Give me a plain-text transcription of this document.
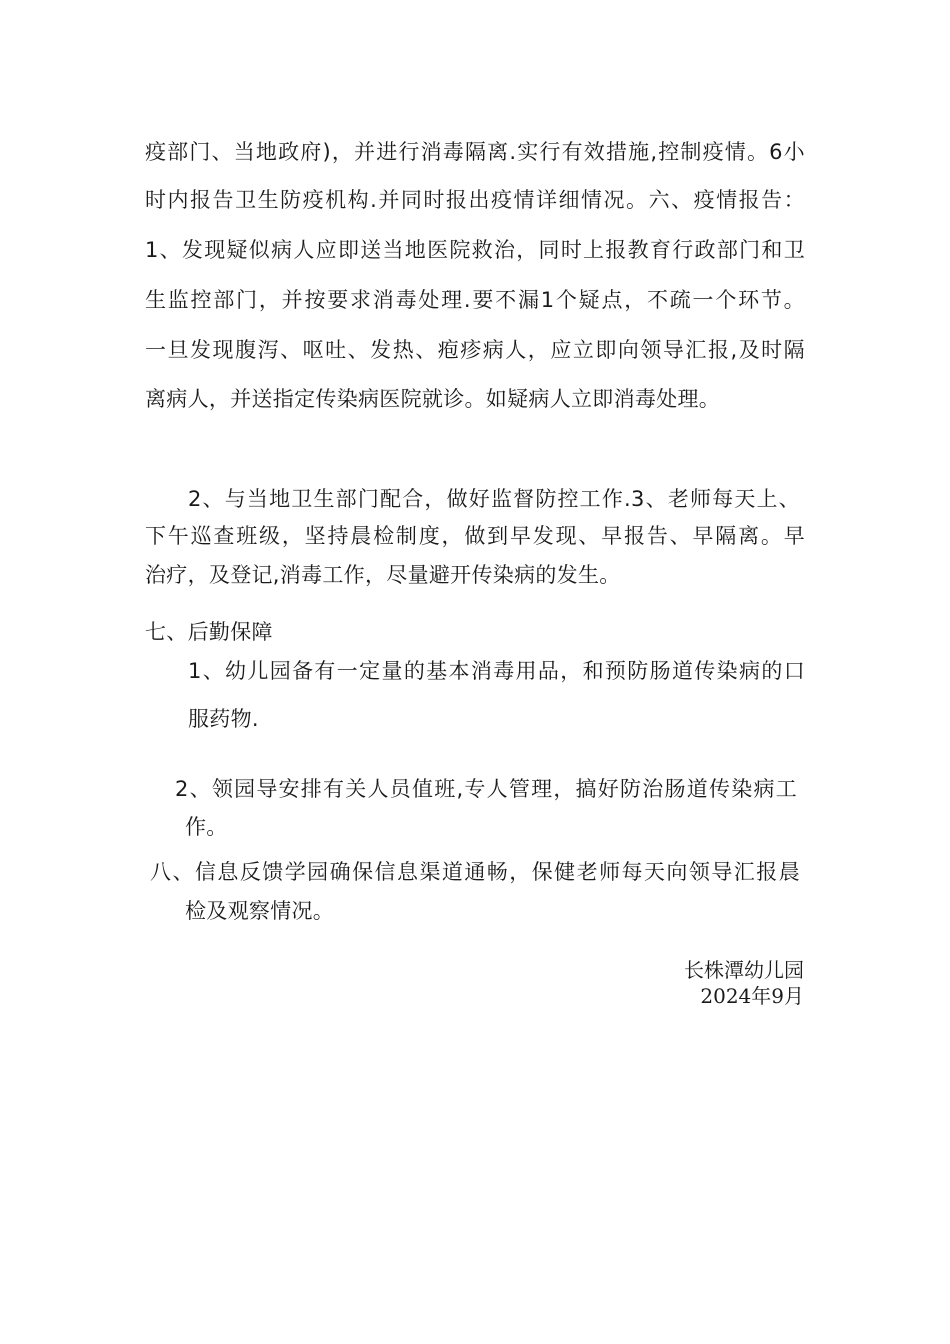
疫部门、当地政府)，并进行消毒隔离.实行有效措施,控制疫情。6小
时内报告卫生防疫机构.并同时报出疫情详细情况。六、疫情报告：
1、发现疑似病人应即送当地医院救治，同时上报教育行政部门和卫
生监控部门，并按要求消毒处理.要不漏1个疑点，不疏一个环节。
一旦发现腹泻、呕吐、发热、疱疹病人，应立即向领导汇报,及时隔
离病人，并送指定传染病医院就诊。如疑病人立即消毒处理。
2、与当地卫生部门配合，做好监督防控工作.3、老师每天上、
下午巡查班级，坚持晨检制度，做到早发现、早报告、早隔离。早
治疗，及登记,消毒工作，尽量避开传染病的发生。
七、后勤保障
1、幼儿园备有一定量的基本消毒用品，和预防肠道传染病的口
服药物.
2、领园导安排有关人员值班,专人管理，搞好防治肠道传染病工
作。
八、信息反馈学园确保信息渠道通畅，保健老师每天向领导汇报晨
检及观察情况。
长株潭幼儿园
2024年9月
